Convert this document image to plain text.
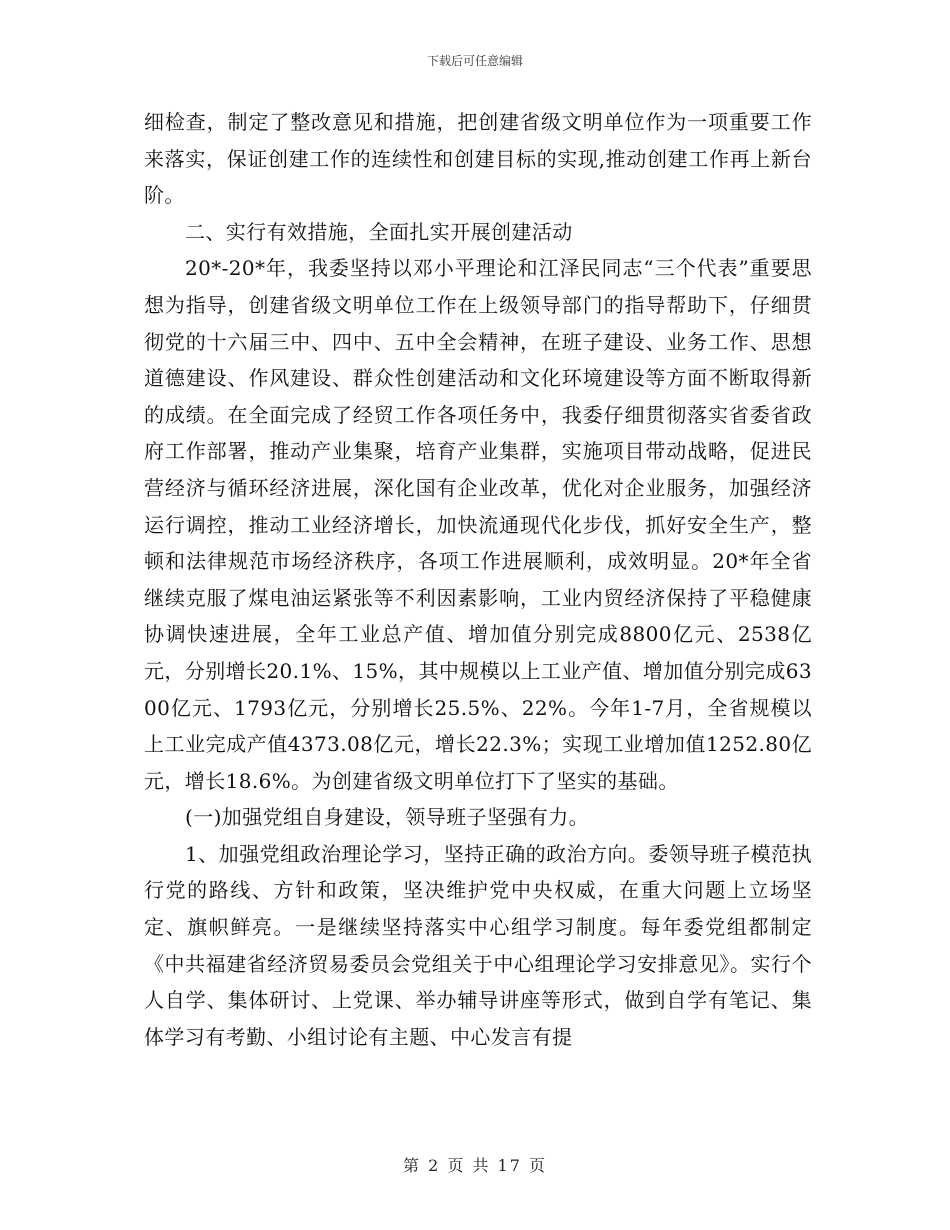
下载后可任意编辑

细检查，制定了整改意见和措施，把创建省级文明单位作为一项重要工作来落实，保证创建工作的连续性和创建目标的实现,推动创建工作再上新台阶。

二、实行有效措施，全面扎实开展创建活动

20*-20*年，我委坚持以邓小平理论和江泽民同志“三个代表”重要思想为指导，创建省级文明单位工作在上级领导部门的指导帮助下，仔细贯彻党的十六届三中、四中、五中全会精神，在班子建设、业务工作、思想道德建设、作风建设、群众性创建活动和文化环境建设等方面不断取得新的成绩。在全面完成了经贸工作各项任务中，我委仔细贯彻落实省委省政府工作部署，推动产业集聚，培育产业集群，实施项目带动战略，促进民营经济与循环经济进展，深化国有企业改革，优化对企业服务，加强经济运行调控，推动工业经济增长，加快流通现代化步伐，抓好安全生产，整顿和法律规范市场经济秩序，各项工作进展顺利，成效明显。20*年全省继续克服了煤电油运紧张等不利因素影响，工业内贸经济保持了平稳健康协调快速进展，全年工业总产值、增加值分别完成8800亿元、2538亿元，分别增长20.1%、15%，其中规模以上工业产值、增加值分别完成6300亿元、1793亿元，分别增长25.5%、22%。今年1-7月，全省规模以上工业完成产值4373.08亿元，增长22.3%；实现工业增加值1252.80亿元，增长18.6%。为创建省级文明单位打下了坚实的基础。

(一)加强党组自身建设，领导班子坚强有力。

1、加强党组政治理论学习，坚持正确的政治方向。委领导班子模范执行党的路线、方针和政策，坚决维护党中央权威，在重大问题上立场坚定、旗帜鲜亮。一是继续坚持落实中心组学习制度。每年委党组都制定《中共福建省经济贸易委员会党组关于中心组理论学习安排意见》。实行个人自学、集体研讨、上党课、举办辅导讲座等形式，做到自学有笔记、集体学习有考勤、小组讨论有主题、中心发言有提

第 2 页 共 17 页
